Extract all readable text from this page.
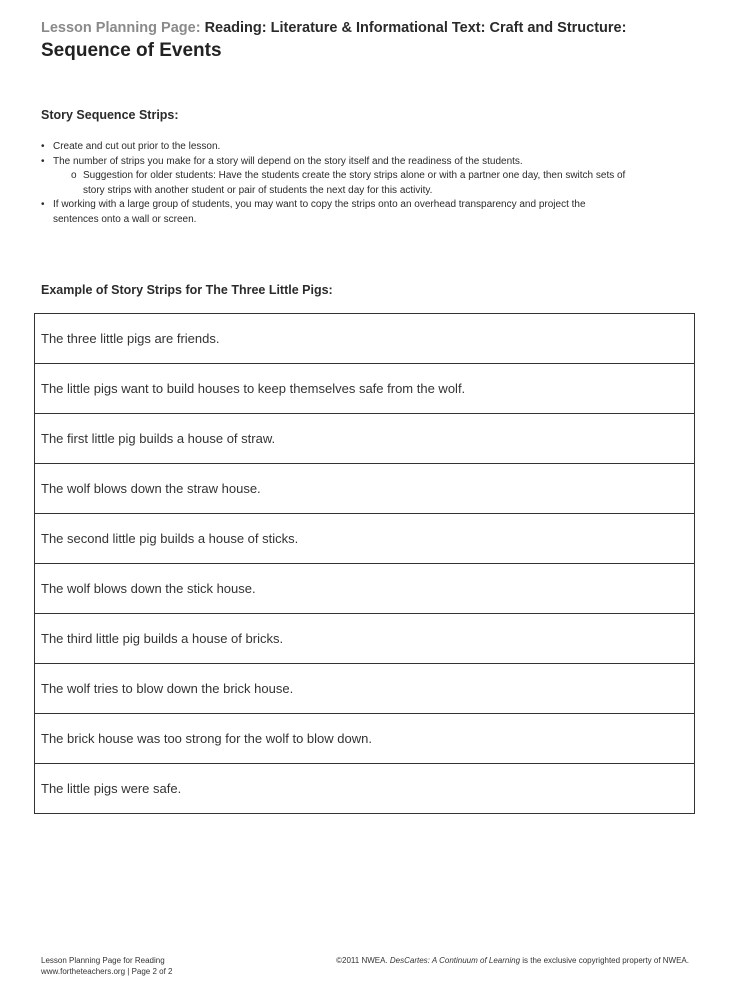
Lesson Planning Page: Reading: Literature & Informational Text: Craft and Structure:
Sequence of Events
Story Sequence Strips:
• Create and cut out prior to the lesson.
• The number of strips you make for a story will depend on the story itself and the readiness of the students.
o Suggestion for older students: Have the students create the story strips alone or with a partner one day, then switch sets of
story strips with another student or pair of students the next day for this activity.
• If working with a large group of students, you may want to copy the strips onto an overhead transparency and project the
sentences onto a wall or screen.
Example of Story Strips for The Three Little Pigs:
The three little pigs are friends.
The little pigs want to build houses to keep themselves safe from the wolf.
The first little pig builds a house of straw.
The wolf blows down the straw house.
The second little pig builds a house of sticks.
The wolf blows down the stick house.
The third little pig builds a house of bricks.
The wolf tries to blow down the brick house.
The brick house was too strong for the wolf to blow down.
The little pigs were safe.
Lesson Planning Page for Reading
www.fortheteachers.org | Page 2 of 2
©2011 NWEA. DesCartes: A Continuum of Learning is the exclusive copyrighted property of NWEA.
